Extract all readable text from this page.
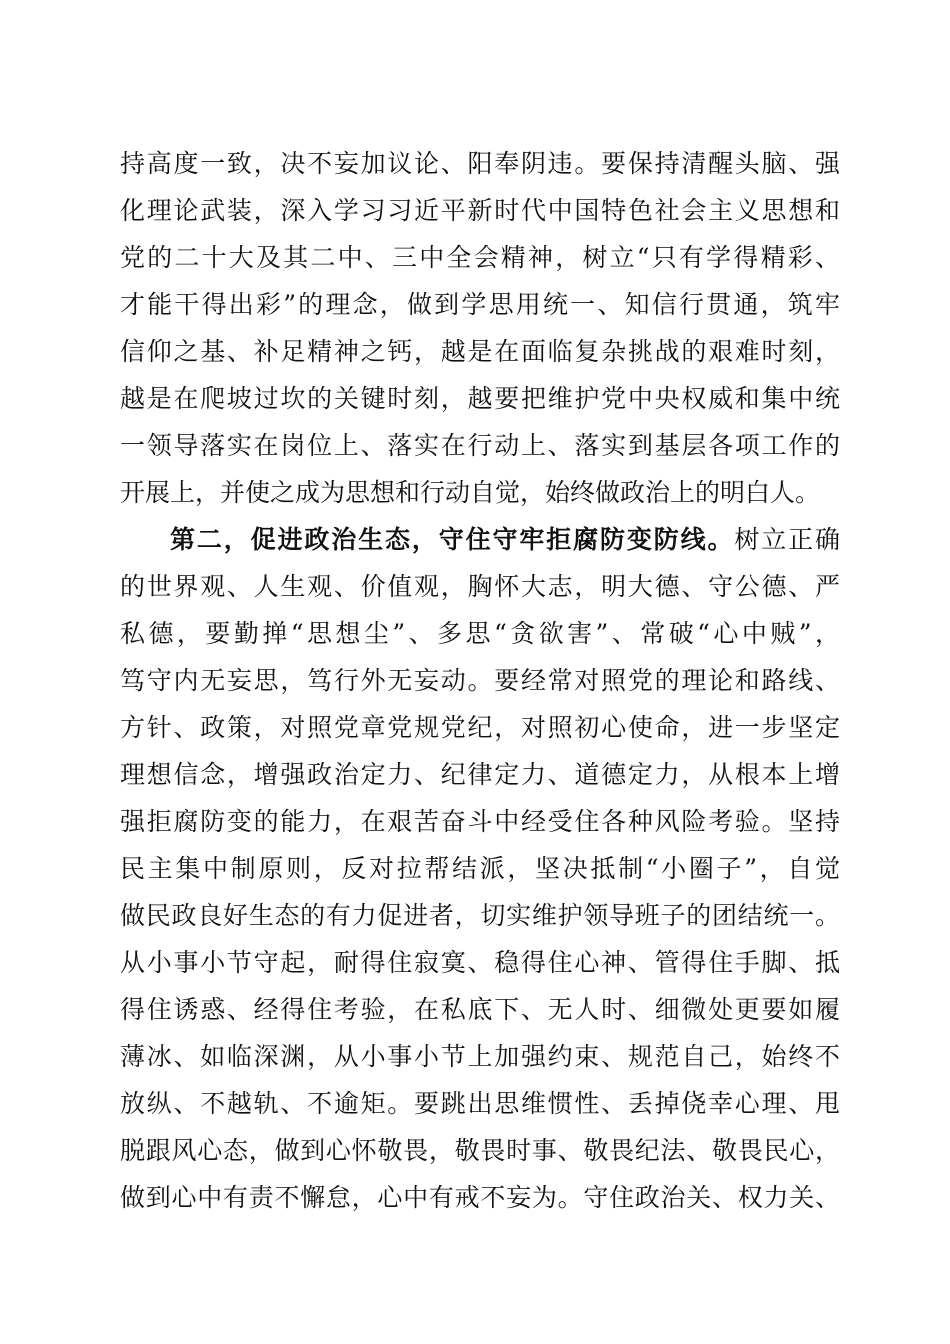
持高度一致，决不妄加议论、阳奉阴违。要保持清醒头脑、强
化理论武装，深入学习习近平新时代中国特色社会主义思想和
党的二十大及其二中、三中全会精神，树立“只有学得精彩、
才能干得出彩”的理念，做到学思用统一、知信行贯通，筑牢
信仰之基、补足精神之钙，越是在面临复杂挑战的艰难时刻，
越是在爬坡过坎的关键时刻，越要把维护党中央权威和集中统
一领导落实在岗位上、落实在行动上、落实到基层各项工作的
开展上，并使之成为思想和行动自觉，始终做政治上的明白人。
第二，促进政治生态，守住守牢拒腐防变防线。树立正确
的世界观、人生观、价值观，胸怀大志，明大德、守公德、严
私德，要勤掸“思想尘”、多思“贪欲害”、常破“心中贼”，
笃守内无妄思，笃行外无妄动。要经常对照党的理论和路线、
方针、政策，对照党章党规党纪，对照初心使命，进一步坚定
理想信念，增强政治定力、纪律定力、道德定力，从根本上增
强拒腐防变的能力，在艰苦奋斗中经受住各种风险考验。坚持
民主集中制原则，反对拉帮结派，坚决抵制“小圈子”，自觉
做民政良好生态的有力促进者，切实维护领导班子的团结统一。
从小事小节守起，耐得住寂寞、稳得住心神、管得住手脚、抵
得住诱惑、经得住考验，在私底下、无人时、细微处更要如履
薄冰、如临深渊，从小事小节上加强约束、规范自己，始终不
放纵、不越轨、不逾矩。要跳出思维惯性、丢掉侥幸心理、甩
脱跟风心态，做到心怀敬畏，敬畏时事、敬畏纪法、敬畏民心，
做到心中有责不懈怠，心中有戒不妄为。守住政治关、权力关、
